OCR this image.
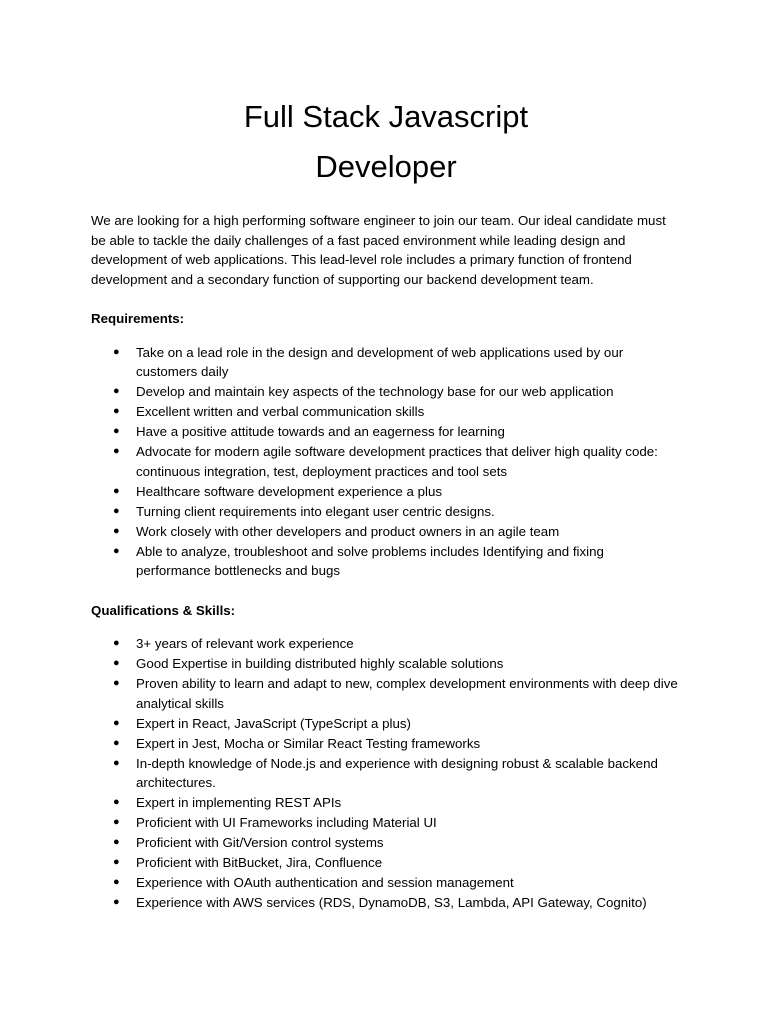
Full Stack Javascript
Developer

We are looking for a high performing software engineer to join our team. Our ideal candidate must be able to tackle the daily challenges of a fast paced environment while leading design and development of web applications. This lead-level role includes a primary function of frontend development and a secondary function of supporting our backend development team.

Requirements:
●	Take on a lead role in the design and development of web applications used by our customers daily
●	Develop and maintain key aspects of the technology base for our web application
●	Excellent written and verbal communication skills
●	Have a positive attitude towards and an eagerness for learning
●	Advocate for modern agile software development practices that deliver high quality code: continuous integration, test, deployment practices and tool sets
●	Healthcare software development experience a plus
●	Turning client requirements into elegant user centric designs.
●	Work closely with other developers and product owners in an agile team
●	Able to analyze, troubleshoot and solve problems includes Identifying and fixing performance bottlenecks and bugs
Qualifications & Skills:
●	3+ years of relevant work experience
●	Good Expertise in building distributed highly scalable solutions
●	Proven ability to learn and adapt to new, complex development environments with deep dive analytical skills
●	Expert in React, JavaScript (TypeScript a plus)
●	Expert in Jest, Mocha or Similar React Testing frameworks
●	In-depth knowledge of Node.js and experience with designing robust & scalable backend architectures.
●	Expert in implementing REST APIs
●	Proficient with UI Frameworks including Material UI
●	Proficient with Git/Version control systems
●	Proficient with BitBucket, Jira, Confluence
●	Experience with OAuth authentication and session management
●	Experience with AWS services (RDS, DynamoDB, S3, Lambda, API Gateway, Cognito)
